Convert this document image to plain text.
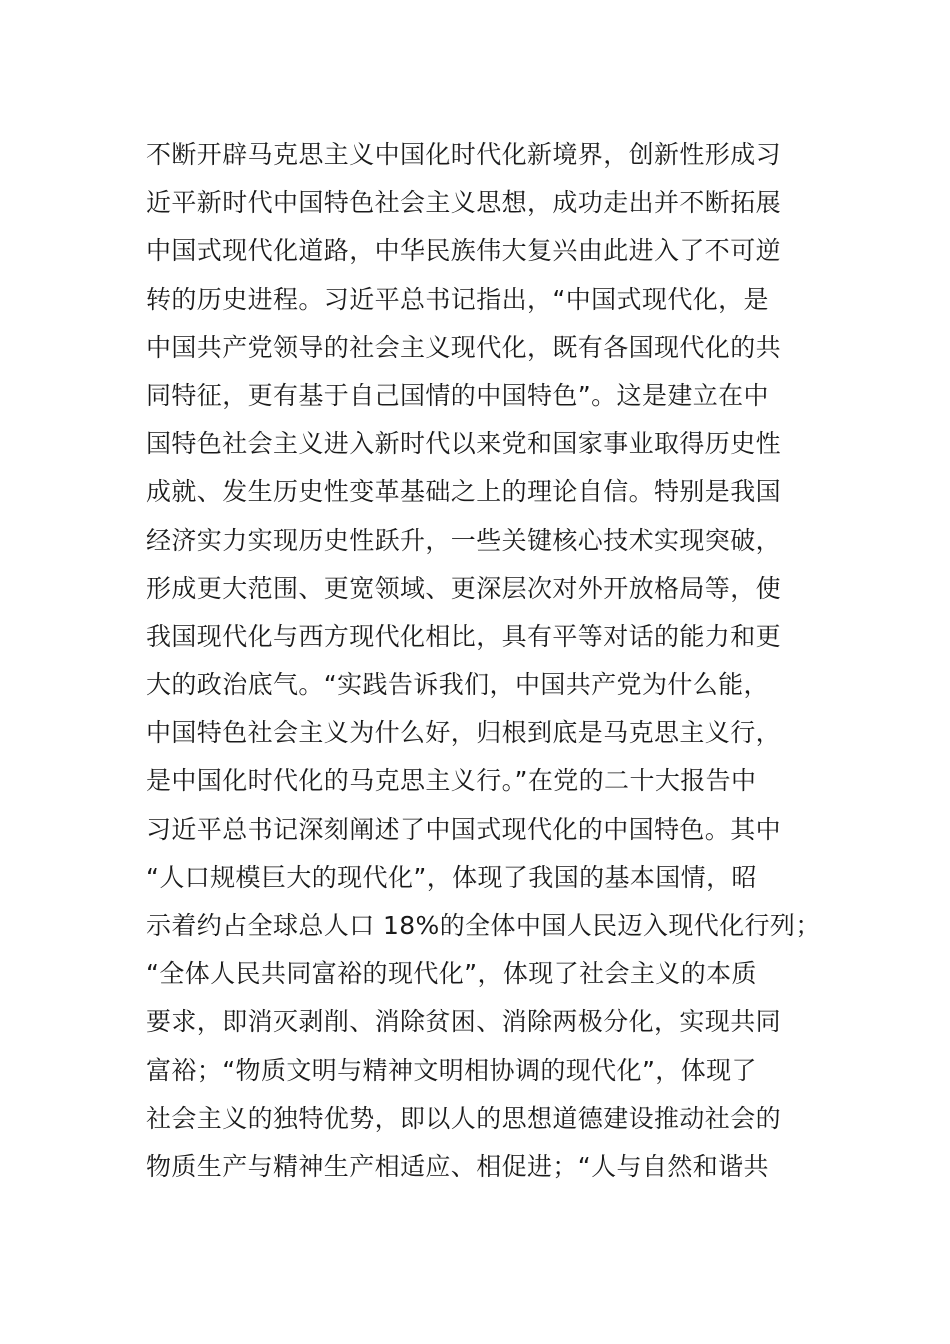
不断开辟马克思主义中国化时代化新境界，创新性形成习
近平新时代中国特色社会主义思想，成功走出并不断拓展
中国式现代化道路，中华民族伟大复兴由此进入了不可逆
转的历史进程。习近平总书记指出，“中国式现代化，是
中国共产党领导的社会主义现代化，既有各国现代化的共
同特征，更有基于自己国情的中国特色”。这是建立在中
国特色社会主义进入新时代以来党和国家事业取得历史性
成就、发生历史性变革基础之上的理论自信。特别是我国
经济实力实现历史性跃升，一些关键核心技术实现突破，
形成更大范围、更宽领域、更深层次对外开放格局等，使
我国现代化与西方现代化相比，具有平等对话的能力和更
大的政治底气。“实践告诉我们，中国共产党为什么能，
中国特色社会主义为什么好，归根到底是马克思主义行，
是中国化时代化的马克思主义行。”在党的二十大报告中
习近平总书记深刻阐述了中国式现代化的中国特色。其中
“人口规模巨大的现代化”，体现了我国的基本国情，昭
示着约占全球总人口 18%的全体中国人民迈入现代化行列；
“全体人民共同富裕的现代化”，体现了社会主义的本质
要求，即消灭剥削、消除贫困、消除两极分化，实现共同
富裕；“物质文明与精神文明相协调的现代化”，体现了
社会主义的独特优势，即以人的思想道德建设推动社会的
物质生产与精神生产相适应、相促进；“人与自然和谐共
